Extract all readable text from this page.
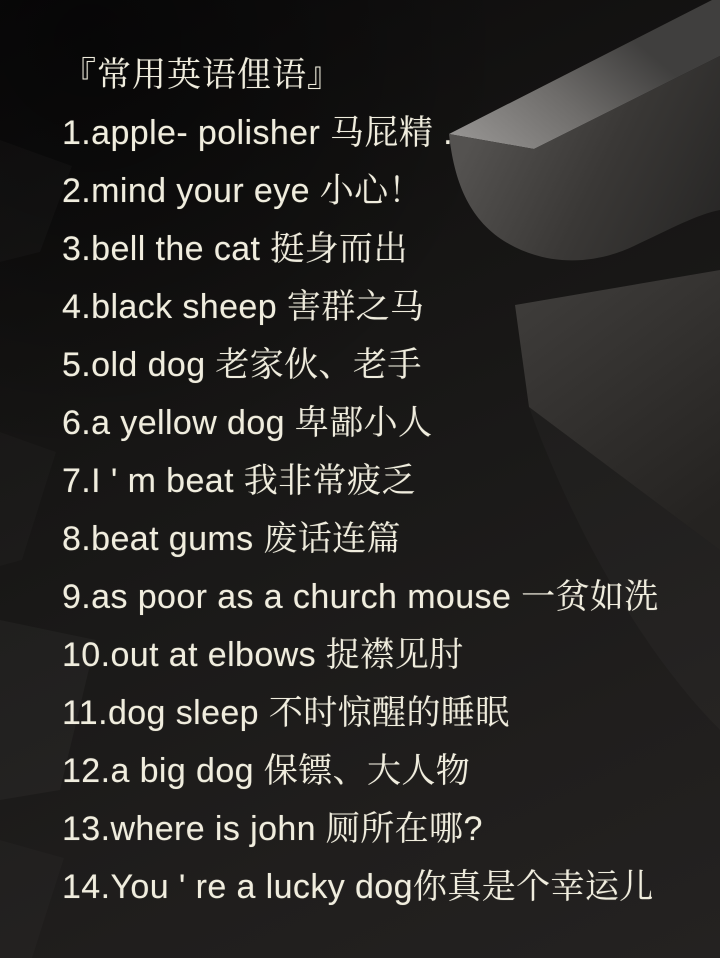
『常用英语俚语』
1.apple- polisher 马屁精 .
2.mind your eye 小心！
3.bell the cat 挺身而出
4.black sheep 害群之马
5.old dog 老家伙、老手
6.a yellow dog 卑鄙小人
7.I ' m beat 我非常疲乏
8.beat gums 废话连篇
9.as poor as a church mouse 一贫如洗
10.out at elbows 捉襟见肘
11.dog sleep 不时惊醒的睡眠
12.a big dog 保镖、大人物
13.where is john 厕所在哪?
14.You ' re a lucky dog你真是个幸运儿
